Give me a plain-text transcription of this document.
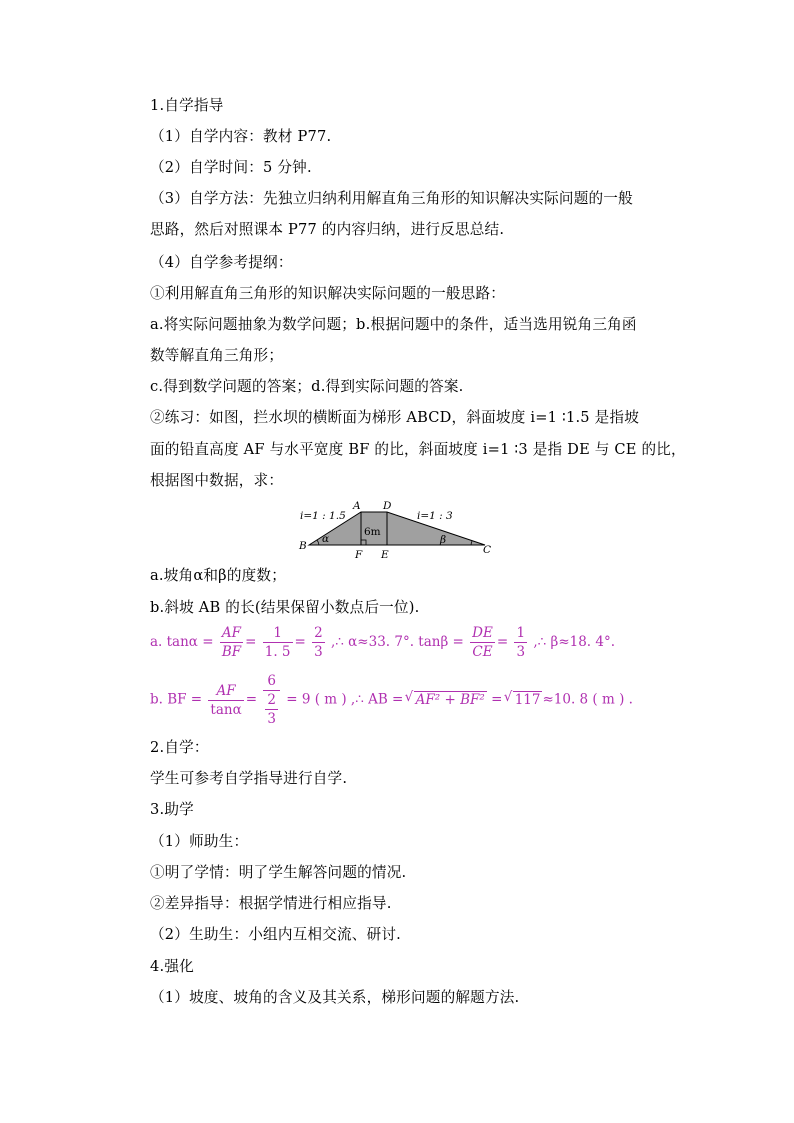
1.自学指导
（1）自学内容：教材 P77.
（2）自学时间：5 分钟.
（3）自学方法：先独立归纳利用解直角三角形的知识解决实际问题的一般
思路，然后对照课本 P77 的内容归纳，进行反思总结.
（4）自学参考提纲：
①利用解直角三角形的知识解决实际问题的一般思路：
a.将实际问题抽象为数学问题；b.根据问题中的条件，适当选用锐角三角函
数等解直角三角形；
c.得到数学问题的答案；d.得到实际问题的答案.
②练习：如图，拦水坝的横断面为梯形 ABCD，斜面坡度 i=1 ∶1.5 是指坡
面的铅直高度 AF 与水平宽度 BF 的比，斜面坡度 i=1 ∶3 是指 DE 与 CE 的比，
根据图中数据，求：
i=1 : 1.5	i=1 : 3
6m
A D
B	C
F E
α	β
a.坡角α和β的度数；
b.斜坡 AB 的长(结果保留小数点后一位).
a. $\tan\alpha = \frac{AF}{BF} = \frac{1}{1. 5} = \frac{2}{3}$ ,∴ α≈33. 7°. $\tan\beta = \frac{DE}{CE} = \frac{1}{3}$ ,∴ β≈18. 4°.
b. BF = $\frac{AF}{\tan\alpha} = 6$
2
3 = 9 ( m ) ,∴ AB = √ AF² + BF² = √ 117 ≈10. 8 ( m ) .
2.自学：
学生可参考自学指导进行自学.
3.助学
（1）师助生：
①明了学情：明了学生解答问题的情况.
②差异指导：根据学情进行相应指导.
（2）生助生：小组内互相交流、研讨.
4.强化
（1）坡度、坡角的含义及其关系，梯形问题的解题方法.
